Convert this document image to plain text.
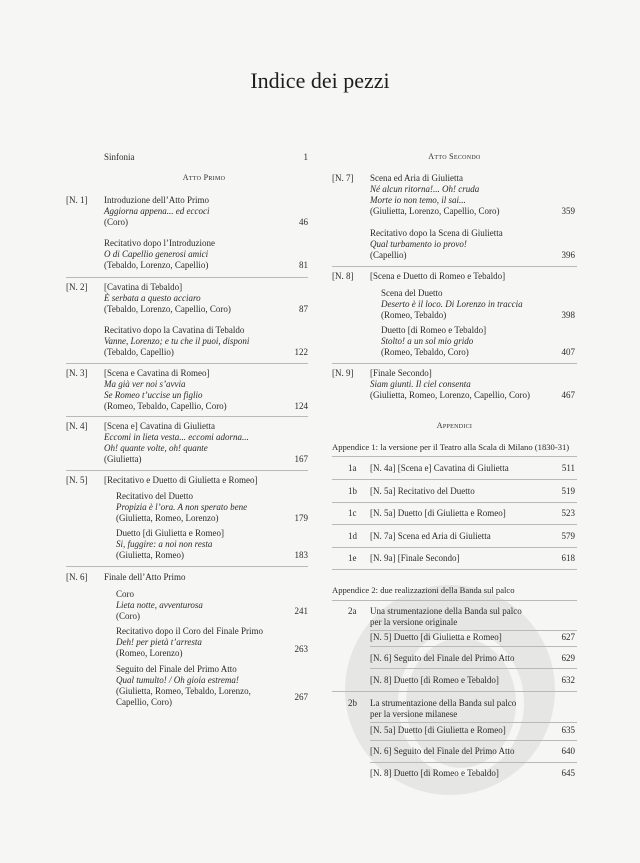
Indice dei pezzi
Sinfonia	1
Atto Primo
[N. 1] Introduzione dell’Atto Primo
Aggiorna appena... ed eccoci
(Coro)	46
Recitativo dopo l’Introduzione
O di Capellio generosi amici
(Tebaldo, Lorenzo, Capellio)	81
[N. 2] [Cavatina di Tebaldo]
È serbata a questo acciaro
(Tebaldo, Lorenzo, Capellio, Coro)	87
Recitativo dopo la Cavatina di Tebaldo
Vanne, Lorenzo; e tu che il puoi, disponi
(Tebaldo, Capellio)	122
[N. 3] [Scena e Cavatina di Romeo]
Ma già ver noi s’avvia
Se Romeo t’uccise un figlio
(Romeo, Tebaldo, Capellio, Coro)	124
[N. 4] [Scena e] Cavatina di Giulietta
Eccomi in lieta vesta... eccomi adorna...
Oh! quante volte, oh! quante
(Giulietta)	167
[N. 5] [Recitativo e Duetto di Giulietta e Romeo]
Recitativo del Duetto
Propizia è l’ora. A non sperato bene
(Giulietta, Romeo, Lorenzo)	179
Duetto [di Giulietta e Romeo]
Si, fuggire: a noi non resta
(Giulietta, Romeo)	183
[N. 6] Finale dell’Atto Primo
Coro
Lieta notte, avventurosa
(Coro)	241
Recitativo dopo il Coro del Finale Primo
Deh! per pietà t’arresta
(Romeo, Lorenzo)	263
Seguito del Finale del Primo Atto
Qual tumulto! / Oh gioia estrema!
(Giulietta, Romeo, Tebaldo, Lorenzo,
Capellio, Coro)	267
Atto Secondo
[N. 7] Scena ed Aria di Giulietta
Né alcun ritorna!... Oh! cruda
Morte io non temo, il sai...
(Giulietta, Lorenzo, Capellio, Coro)	359
Recitativo dopo la Scena di Giulietta
Qual turbamento io provo!
(Capellio)	396
[N. 8] [Scena e Duetto di Romeo e Tebaldo]
Scena del Duetto
Deserto è il loco. Di Lorenzo in traccia
(Romeo, Tebaldo)	398
Duetto [di Romeo e Tebaldo]
Stolto! a un sol mio grido
(Romeo, Tebaldo, Coro)	407
[N. 9] [Finale Secondo]
Siam giunti. Il ciel consenta
(Giulietta, Romeo, Lorenzo, Capellio, Coro)	467
Appendici
Appendice 1: la versione per il Teatro alla Scala di Milano (1830-31)
1a [N. 4a] [Scena e] Cavatina di Giulietta	511
1b [N. 5a] Recitativo del Duetto	519
1c [N. 5a] Duetto [di Giulietta e Romeo]	523
1d [N. 7a] Scena ed Aria di Giulietta	579
1e [N. 9a] [Finale Secondo]	618
Appendice 2: due realizzazioni della Banda sul palco
2a Una strumentazione della Banda sul palco
per la versione originale
[N. 5] Duetto [di Giulietta e Romeo]	627
[N. 6] Seguito del Finale del Primo Atto	629
[N. 8] Duetto [di Romeo e Tebaldo]	632
2b La strumentazione della Banda sul palco
per la versione milanese
[N. 5a] Duetto [di Giulietta e Romeo]	635
[N. 6] Seguito del Finale del Primo Atto	640
[N. 8] Duetto [di Romeo e Tebaldo]	645
